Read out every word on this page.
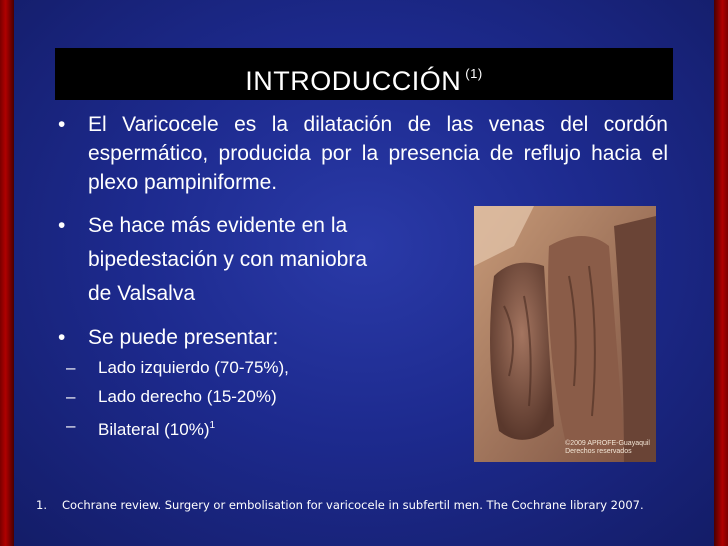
INTRODUCCIÓN $^{(1)}$
• El Varicocele es la dilatación de las venas del cordón espermático, producida por la presencia de reflujo hacia el plexo pampiniforme.
• Se hace más evidente en la
bipedestación y con maniobra
de Valsalva
• Se puede presentar:
– Lado izquierdo (70-75%),
– Lado derecho (15-20%)
– Bilateral $(10\%)^1$
©2009 APROFE-Guayaquil
Derechos reservados
1. Cochrane review. Surgery or embolisation for varicocele in subfertil men. The Cochrane library 2007.
